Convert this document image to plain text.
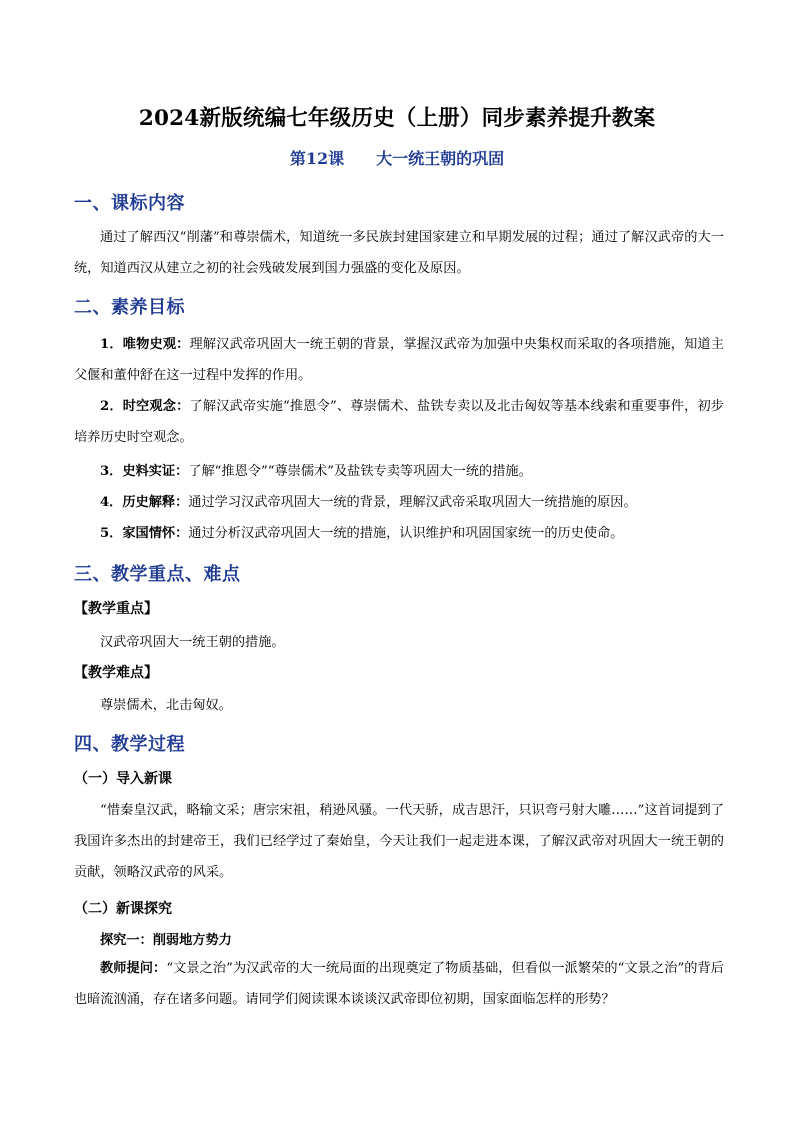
2024新版统编七年级历史（上册）同步素养提升教案
第12课 大一统王朝的巩固
一、课标内容

通过了解西汉“削藩”和尊崇儒术，知道统一多民族封建国家建立和早期发展的过程；通过了解汉武帝的大一统，知道西汉从建立之初的社会残破发展到国力强盛的变化及原因。

二、素养目标

1．唯物史观：理解汉武帝巩固大一统王朝的背景，掌握汉武帝为加强中央集权而采取的各项措施，知道主父偃和董仲舒在这一过程中发挥的作用。

2．时空观念：了解汉武帝实施“推恩令”、尊崇儒术、盐铁专卖以及北击匈奴等基本线索和重要事件，初步培养历史时空观念。

3．史料实证：了解“推恩令”“尊崇儒术”及盐铁专卖等巩固大一统的措施。

4．历史解释：通过学习汉武帝巩固大一统的背景，理解汉武帝采取巩固大一统措施的原因。

5．家国情怀：通过分析汉武帝巩固大一统的措施，认识维护和巩固国家统一的历史使命。

三、教学重点、难点
【教学重点】
汉武帝巩固大一统王朝的措施。
【教学难点】
尊崇儒术，北击匈奴。
四、教学过程
（一）导入新课

“惜秦皇汉武，略输文采；唐宗宋祖，稍逊风骚。一代天骄，成吉思汗，只识弯弓射大雕……”这首词提到了我国许多杰出的封建帝王，我们已经学过了秦始皇，今天让我们一起走进本课，了解汉武帝对巩固大一统王朝的贡献，领略汉武帝的风采。

（二）新课探究
探究一：削弱地方势力

教师提问：“文景之治”为汉武帝的大一统局面的出现奠定了物质基础，但看似一派繁荣的“文景之治”的背后也暗流汹涌，存在诸多问题。请同学们阅读课本谈谈汉武帝即位初期，国家面临怎样的形势？
